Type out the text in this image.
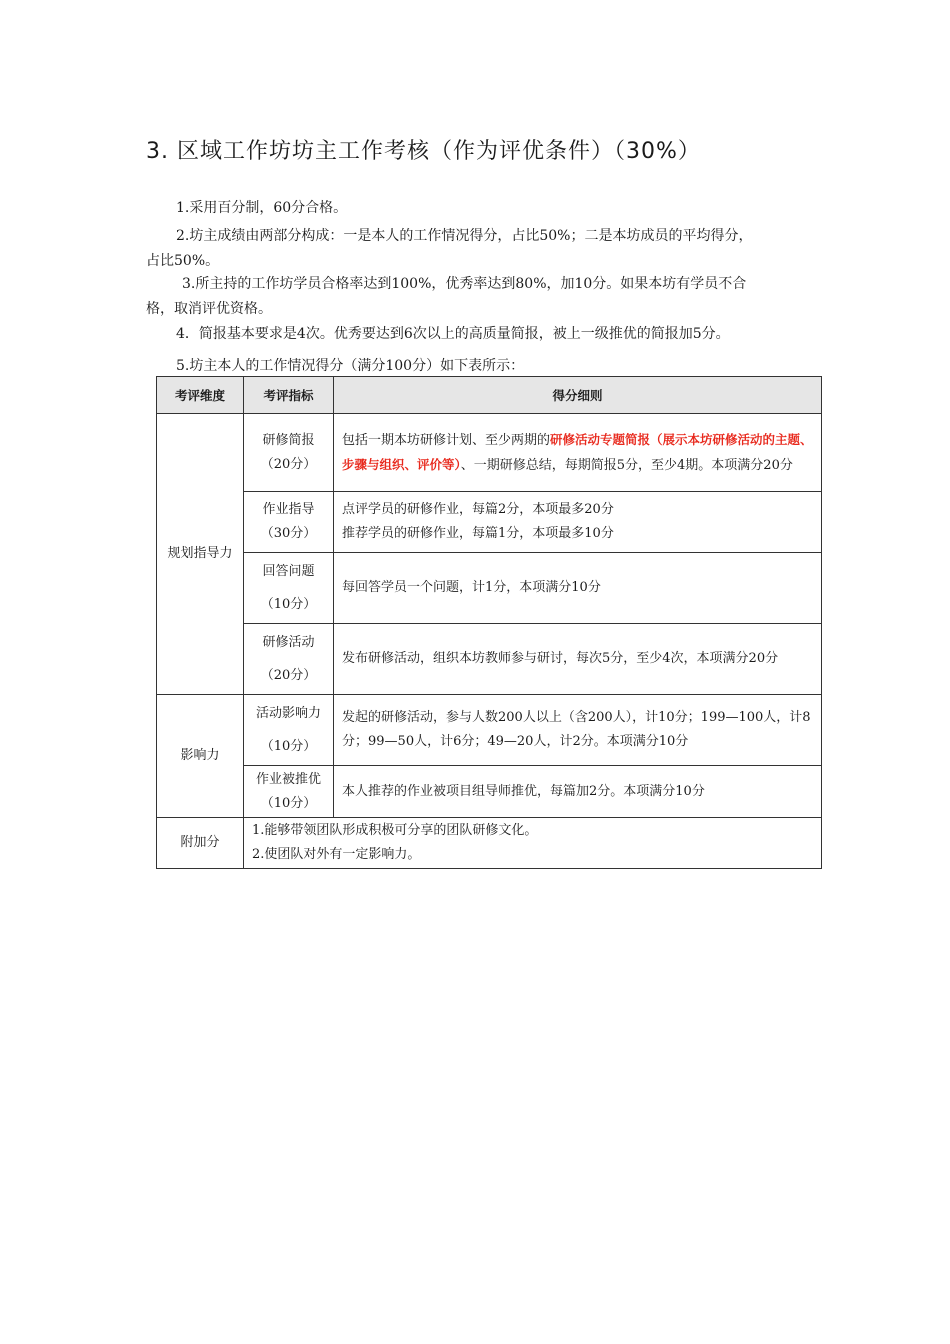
3. 区域工作坊坊主工作考核（作为评优条件）（30%）

1.采用百分制，60分合格。

2.坊主成绩由两部分构成：一是本人的工作情况得分，占比50%；二是本坊成员的平均得分，
占比50%。

3.所主持的工作坊学员合格率达到100%，优秀率达到80%，加10分。如果本坊有学员不合
格，取消评优资格。

4．简报基本要求是4次。优秀要达到6次以上的高质量简报，被上一级推优的简报加5分。

5.坊主本人的工作情况得分（满分100分）如下表所示：

考评维度	考评指标	得分细则
规划指导力	研修简报
（20分）	包括一期本坊研修计划、至少两期的研修活动专题简报（展示本坊研修活动的主题、步骤与组织、评价等）、一期研修总结，每期简报5分，至少4期。本项满分20分

	作业指导
（30分）	点评学员的研修作业，每篇2分，本项最多20分
推荐学员的研修作业，每篇1分，本项最多10分

	回答问题
（10分）	每回答学员一个问题，计1分，本项满分10分

	研修活动
（20分）	发布研修活动，组织本坊教师参与研讨，每次5分，至少4次，本项满分20分
影响力	活动影响力
（10分）	发起的研修活动，参与人数200人以上（含200人），计10分；199—100人，计8分；99—50人，计6分；49—20人，计2分。本项满分10分

	作业被推优
（10分）	本人推荐的作业被项目组导师推优，每篇加2分。本项满分10分
附加分	1.能够带领团队形成积极可分享的团队研修文化。
2.使团队对外有一定影响力。	
